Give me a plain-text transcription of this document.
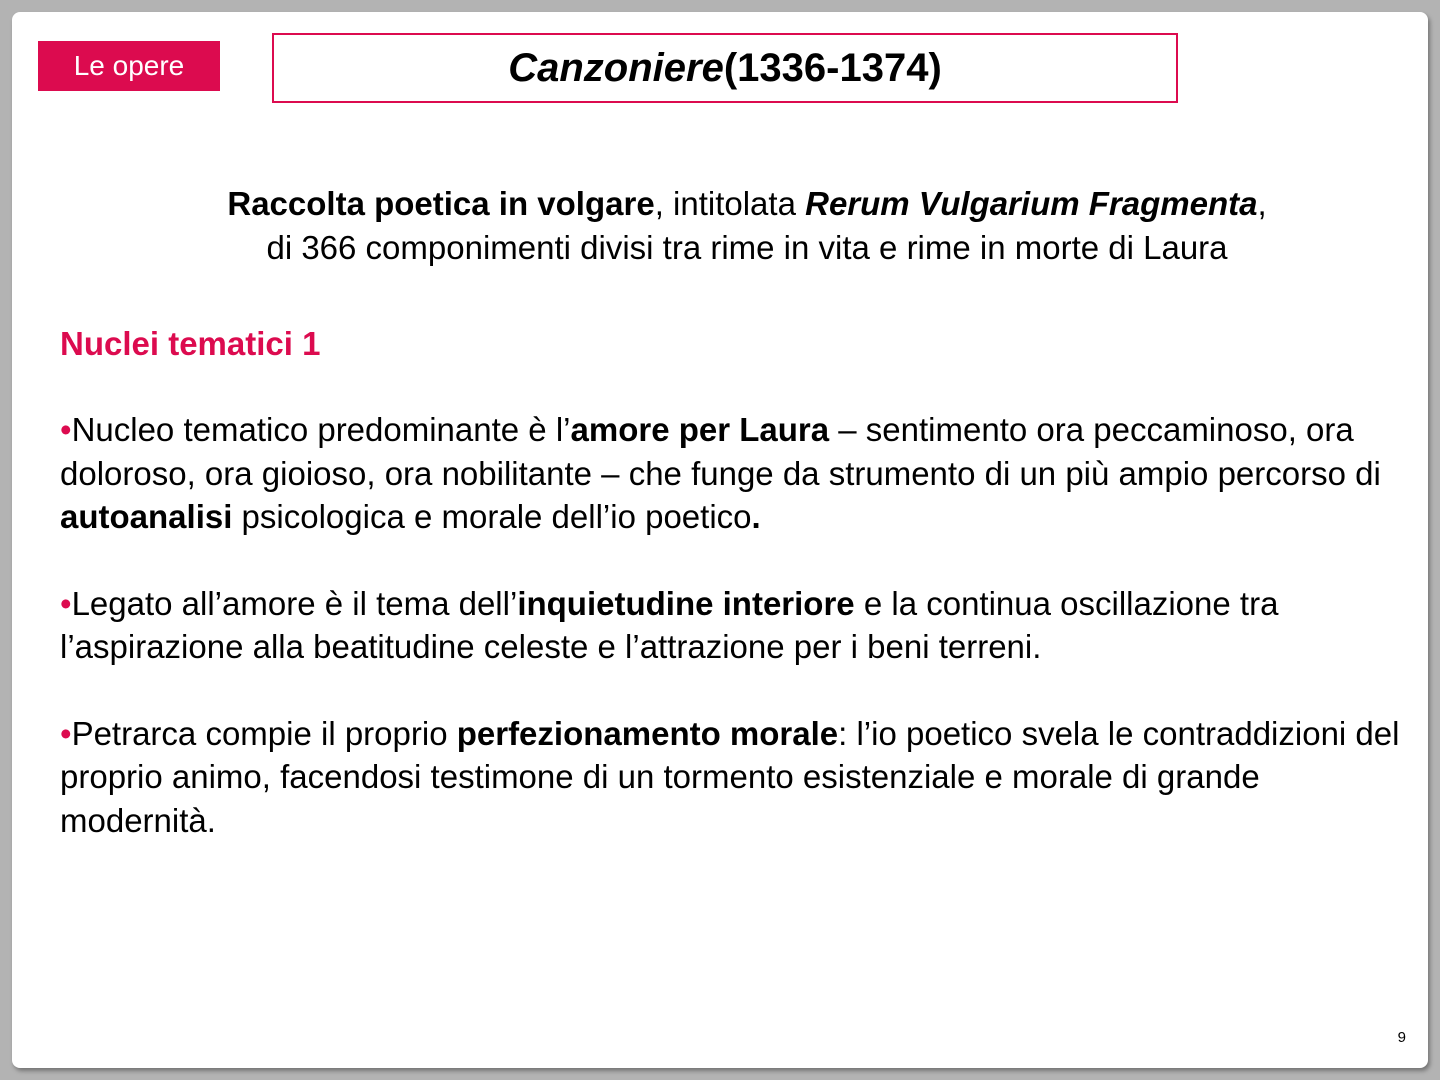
Le opere	Canzoniere (1336-1374)
Raccolta poetica in volgare, intitolata Rerum Vulgarium Fragmenta,
di 366 componimenti divisi tra rime in vita e rime in morte di Laura
Nuclei tematici 1

•Nucleo tematico predominante è l’amore per Laura – sentimento ora peccaminoso, ora doloroso, ora gioioso, ora nobilitante – che funge da strumento di un più ampio percorso di autoanalisi psicologica e morale dell’io poetico.

•Legato all’amore è il tema dell’inquietudine interiore e la continua oscillazione tra l’aspirazione alla beatitudine celeste e l’attrazione per i beni terreni.

•Petrarca compie il proprio perfezionamento morale: l’io poetico svela le contraddizioni del proprio animo, facendosi testimone di un tormento esistenziale e morale di grande modernità.

9
